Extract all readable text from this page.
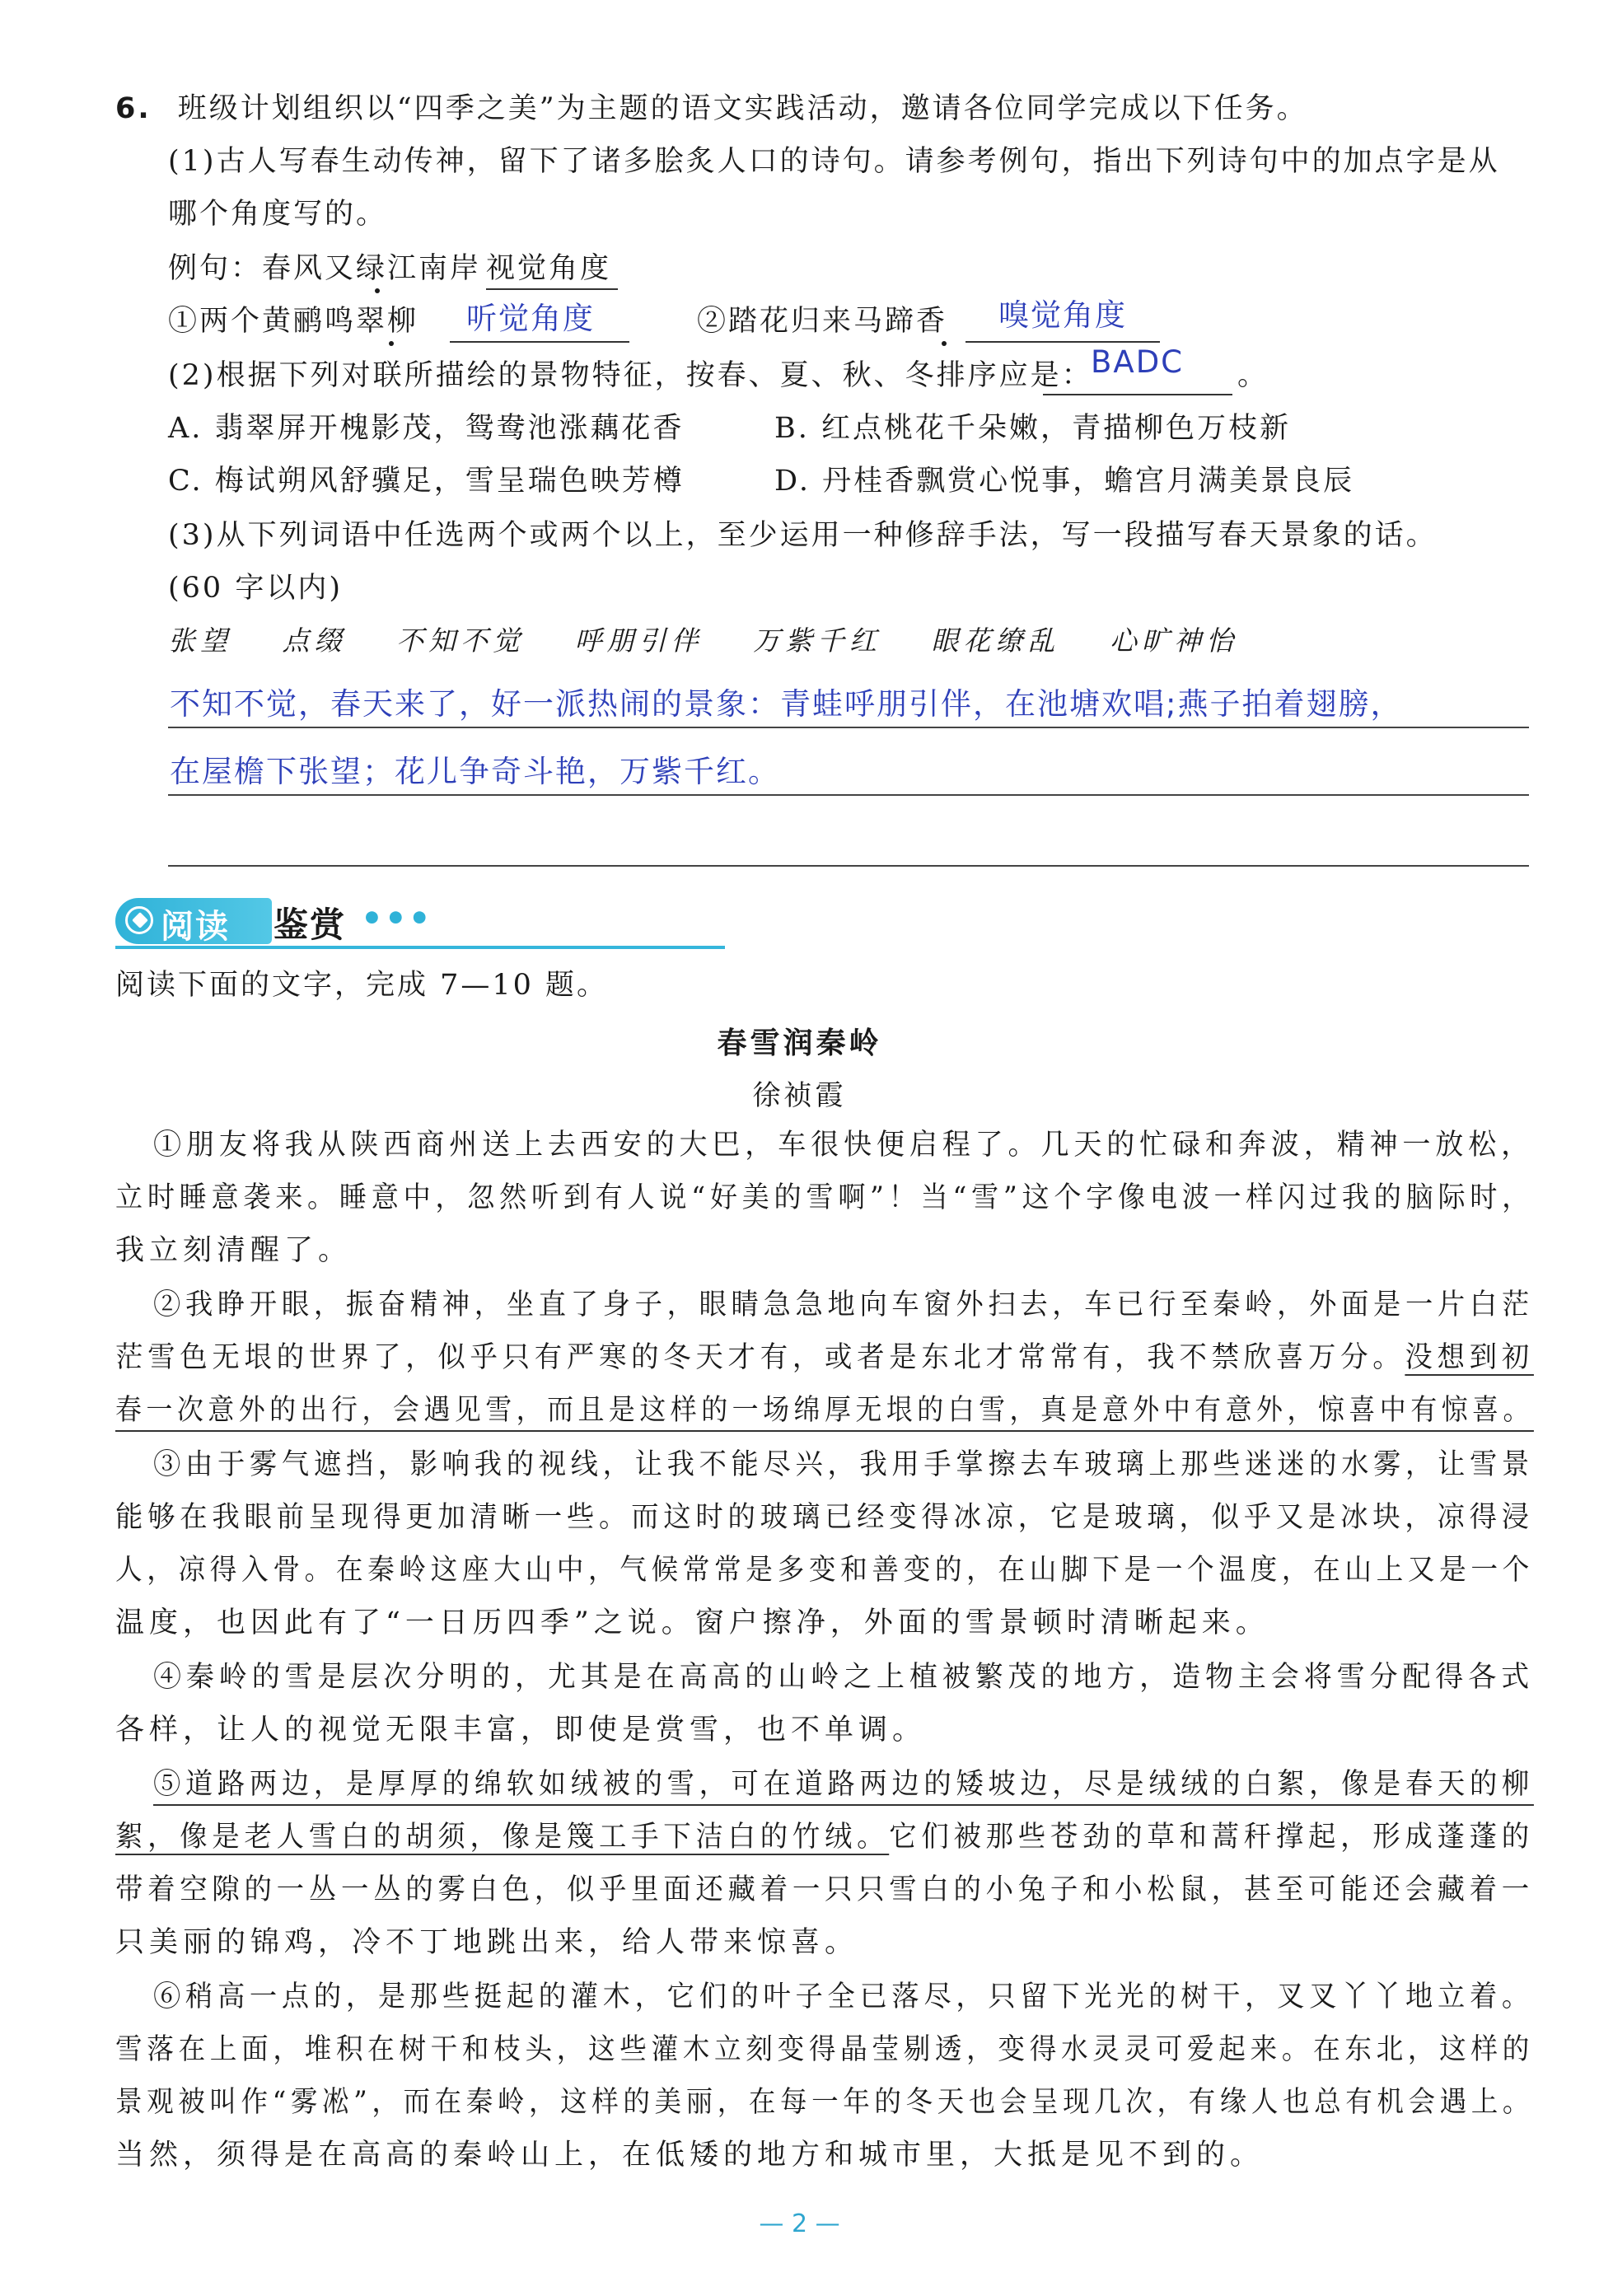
6. 班级计划组织以“四季之美”为主题的语文实践活动，邀请各位同学完成以下任务。
(1)古人写春生动传神，留下了诸多脍炙人口的诗句。请参考例句，指出下列诗句中的加点字是从
哪个角度写的。
例句：春风又绿江南岸 视觉角度
①两个黄鹂鸣翠柳 听觉角度	②踏花归来马蹄香 嗅觉角度
(2)根据下列对联所描绘的景物特征，按春、夏、秋、冬排序应是：
BADC 。
A. 翡翠屏开槐影茂，鸳鸯池涨藕花香	B. 红点桃花千朵嫩，青描柳色万枝新
C. 梅试朔风舒骥足，雪呈瑞色映芳樽	D. 丹桂香飘赏心悦事，蟾宫月满美景良辰
(3)从下列词语中任选两个或两个以上，至少运用一种修辞手法，写一段描写春天景象的话。
(60 字以内)
张望 点缀 不知不觉 呼朋引伴 万紫千红 眼花缭乱 心旷神怡
不知不觉，春天来了，好一派热闹的景象：青蛙呼朋引伴，在池塘欢唱;燕子拍着翅膀，
在屋檐下张望；花儿争奇斗艳，万紫千红。
阅读 鉴赏 •••
阅读下面的文字，完成 7—10 题。
春雪润秦岭
徐祯霞
①朋友将我从陕西商州送上去西安的大巴，车很快便启程了。几天的忙碌和奔波，精神一放松，
立时睡意袭来。睡意中，忽然听到有人说“好美的雪啊”！当“雪”这个字像电波一样闪过我的脑际时，
我立刻清醒了。
②我睁开眼，振奋精神，坐直了身子，眼睛急急地向车窗外扫去，车已行至秦岭，外面是一片白茫
茫雪色无垠的世界了，似乎只有严寒的冬天才有，或者是东北才常常有，我不禁欣喜万分。没想到初
春一次意外的出行，会遇见雪，而且是这样的一场绵厚无垠的白雪，真是意外中有意外，惊喜中有惊喜。
③由于雾气遮挡，影响我的视线，让我不能尽兴，我用手掌擦去车玻璃上那些迷迷的水雾，让雪景
能够在我眼前呈现得更加清晰一些。而这时的玻璃已经变得冰凉，它是玻璃，似乎又是冰块，凉得浸
人，凉得入骨。在秦岭这座大山中，气候常常是多变和善变的，在山脚下是一个温度，在山上又是一个
温度，也因此有了“一日历四季”之说。窗户擦净，外面的雪景顿时清晰起来。
④秦岭的雪是层次分明的，尤其是在高高的山岭之上植被繁茂的地方，造物主会将雪分配得各式
各样，让人的视觉无限丰富，即使是赏雪，也不单调。
⑤道路两边，是厚厚的绵软如绒被的雪，可在道路两边的矮坡边，尽是绒绒的白絮，像是春天的柳
絮，像是老人雪白的胡须，像是篾工手下洁白的竹绒。它们被那些苍劲的草和蒿秆撑起，形成蓬蓬的
带着空隙的一丛一丛的雾白色，似乎里面还藏着一只只雪白的小兔子和小松鼠，甚至可能还会藏着一
只美丽的锦鸡，冷不丁地跳出来，给人带来惊喜。
⑥稍高一点的，是那些挺起的灌木，它们的叶子全已落尽，只留下光光的树干，叉叉丫丫地立着。
雪落在上面，堆积在树干和枝头，这些灌木立刻变得晶莹剔透，变得水灵灵可爱起来。在东北，这样的
景观被叫作“雾凇”，而在秦岭，这样的美丽，在每一年的冬天也会呈现几次，有缘人也总有机会遇上。
当然，须得是在高高的秦岭山上，在低矮的地方和城市里，大抵是见不到的。
— 2 —
